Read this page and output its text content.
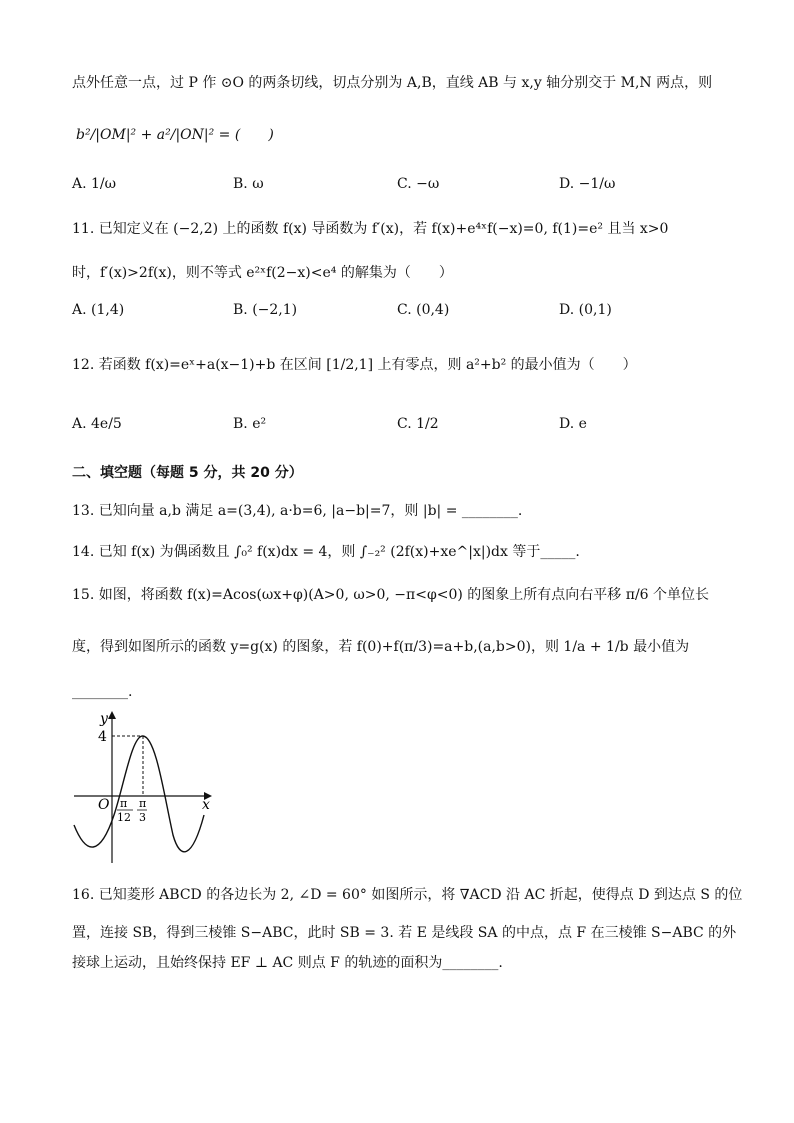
点外任意一点，过 P 作 ⊙O 的两条切线，切点分别为 A,B，直线 AB 与 x,y 轴分别交于 M,N 两点，则
b²/|OM|² + a²/|ON|² = (　　)
A. 1/ω	B. ω	C. −ω	D. −1/ω
11. 已知定义在 (−2,2) 上的函数 f(x) 导函数为 f′(x)，若 f(x)+e⁴ˣf(−x)=0, f(1)=e² 且当 x>0
时，f′(x)>2f(x)，则不等式 e²ˣf(2−x)<e⁴ 的解集为（　　）
A. (1,4)	B. (−2,1)	C. (0,4)	D. (0,1)
12. 若函数 f(x)=eˣ+a(x−1)+b 在区间 [1/2,1] 上有零点，则 a²+b² 的最小值为（　　）
A. 4e/5	B. e²	C. 1/2	D. e
二、填空题（每题 5 分，共 20 分）
13. 已知向量 a,b 满足 a=(3,4), a·b=6, |a−b|=7，则 |b| = ________.
14. 已知 f(x) 为偶函数且 ∫₀² f(x)dx = 4，则 ∫₋₂² (2f(x)+xe^|x|)dx 等于_____.
15. 如图，将函数 f(x)=Acos(ωx+φ)(A>0, ω>0, −π<φ<0) 的图象上所有点向右平移 π/6 个单位长
度，得到如图所示的函数 y=g(x) 的图象，若 f(0)+f(π/3)=a+b,(a,b>0)，则 1/a + 1/b 最小值为
________.
y
x
O
4
π
12
π
3
16. 已知菱形 ABCD 的各边长为 2, ∠D = 60° 如图所示，将 ∇ACD 沿 AC 折起，使得点 D 到达点 S 的位
置，连接 SB，得到三棱锥 S−ABC，此时 SB = 3. 若 E 是线段 SA 的中点，点 F 在三棱锥 S−ABC 的外
接球上运动，且始终保持 EF ⊥ AC 则点 F 的轨迹的面积为________.
